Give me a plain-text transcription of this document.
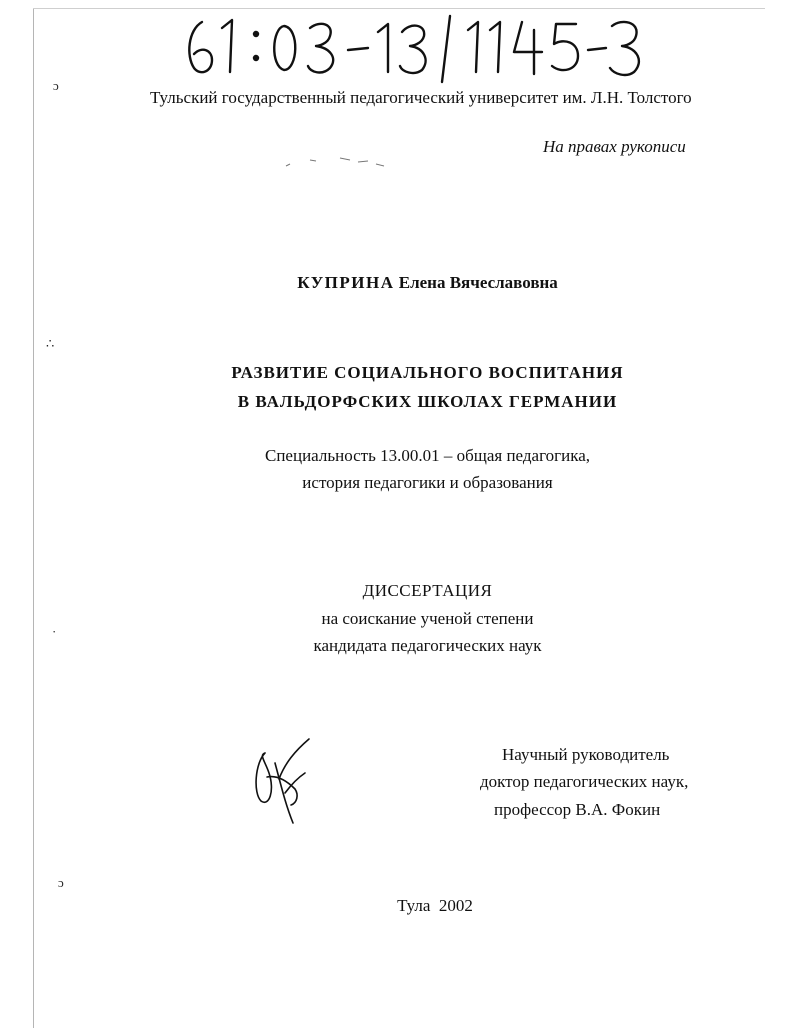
ɔ
∴
·
ɔ
Тульский государственный педагогический университет им. Л.Н. Толстого
На правах рукописи
КУПРИНА Елена Вячеславовна
РАЗВИТИЕ СОЦИАЛЬНОГО ВОСПИТАНИЯ
В ВАЛЬДОРФСКИХ ШКОЛАХ ГЕРМАНИИ
Специальность 13.00.01 – общая педагогика,
история педагогики и образования
ДИССЕРТАЦИЯ
на соискание ученой степени
кандидата педагогических наук
Научный руководитель
доктор педагогических наук,
профессор В.А. Фокин
Тула  2002
